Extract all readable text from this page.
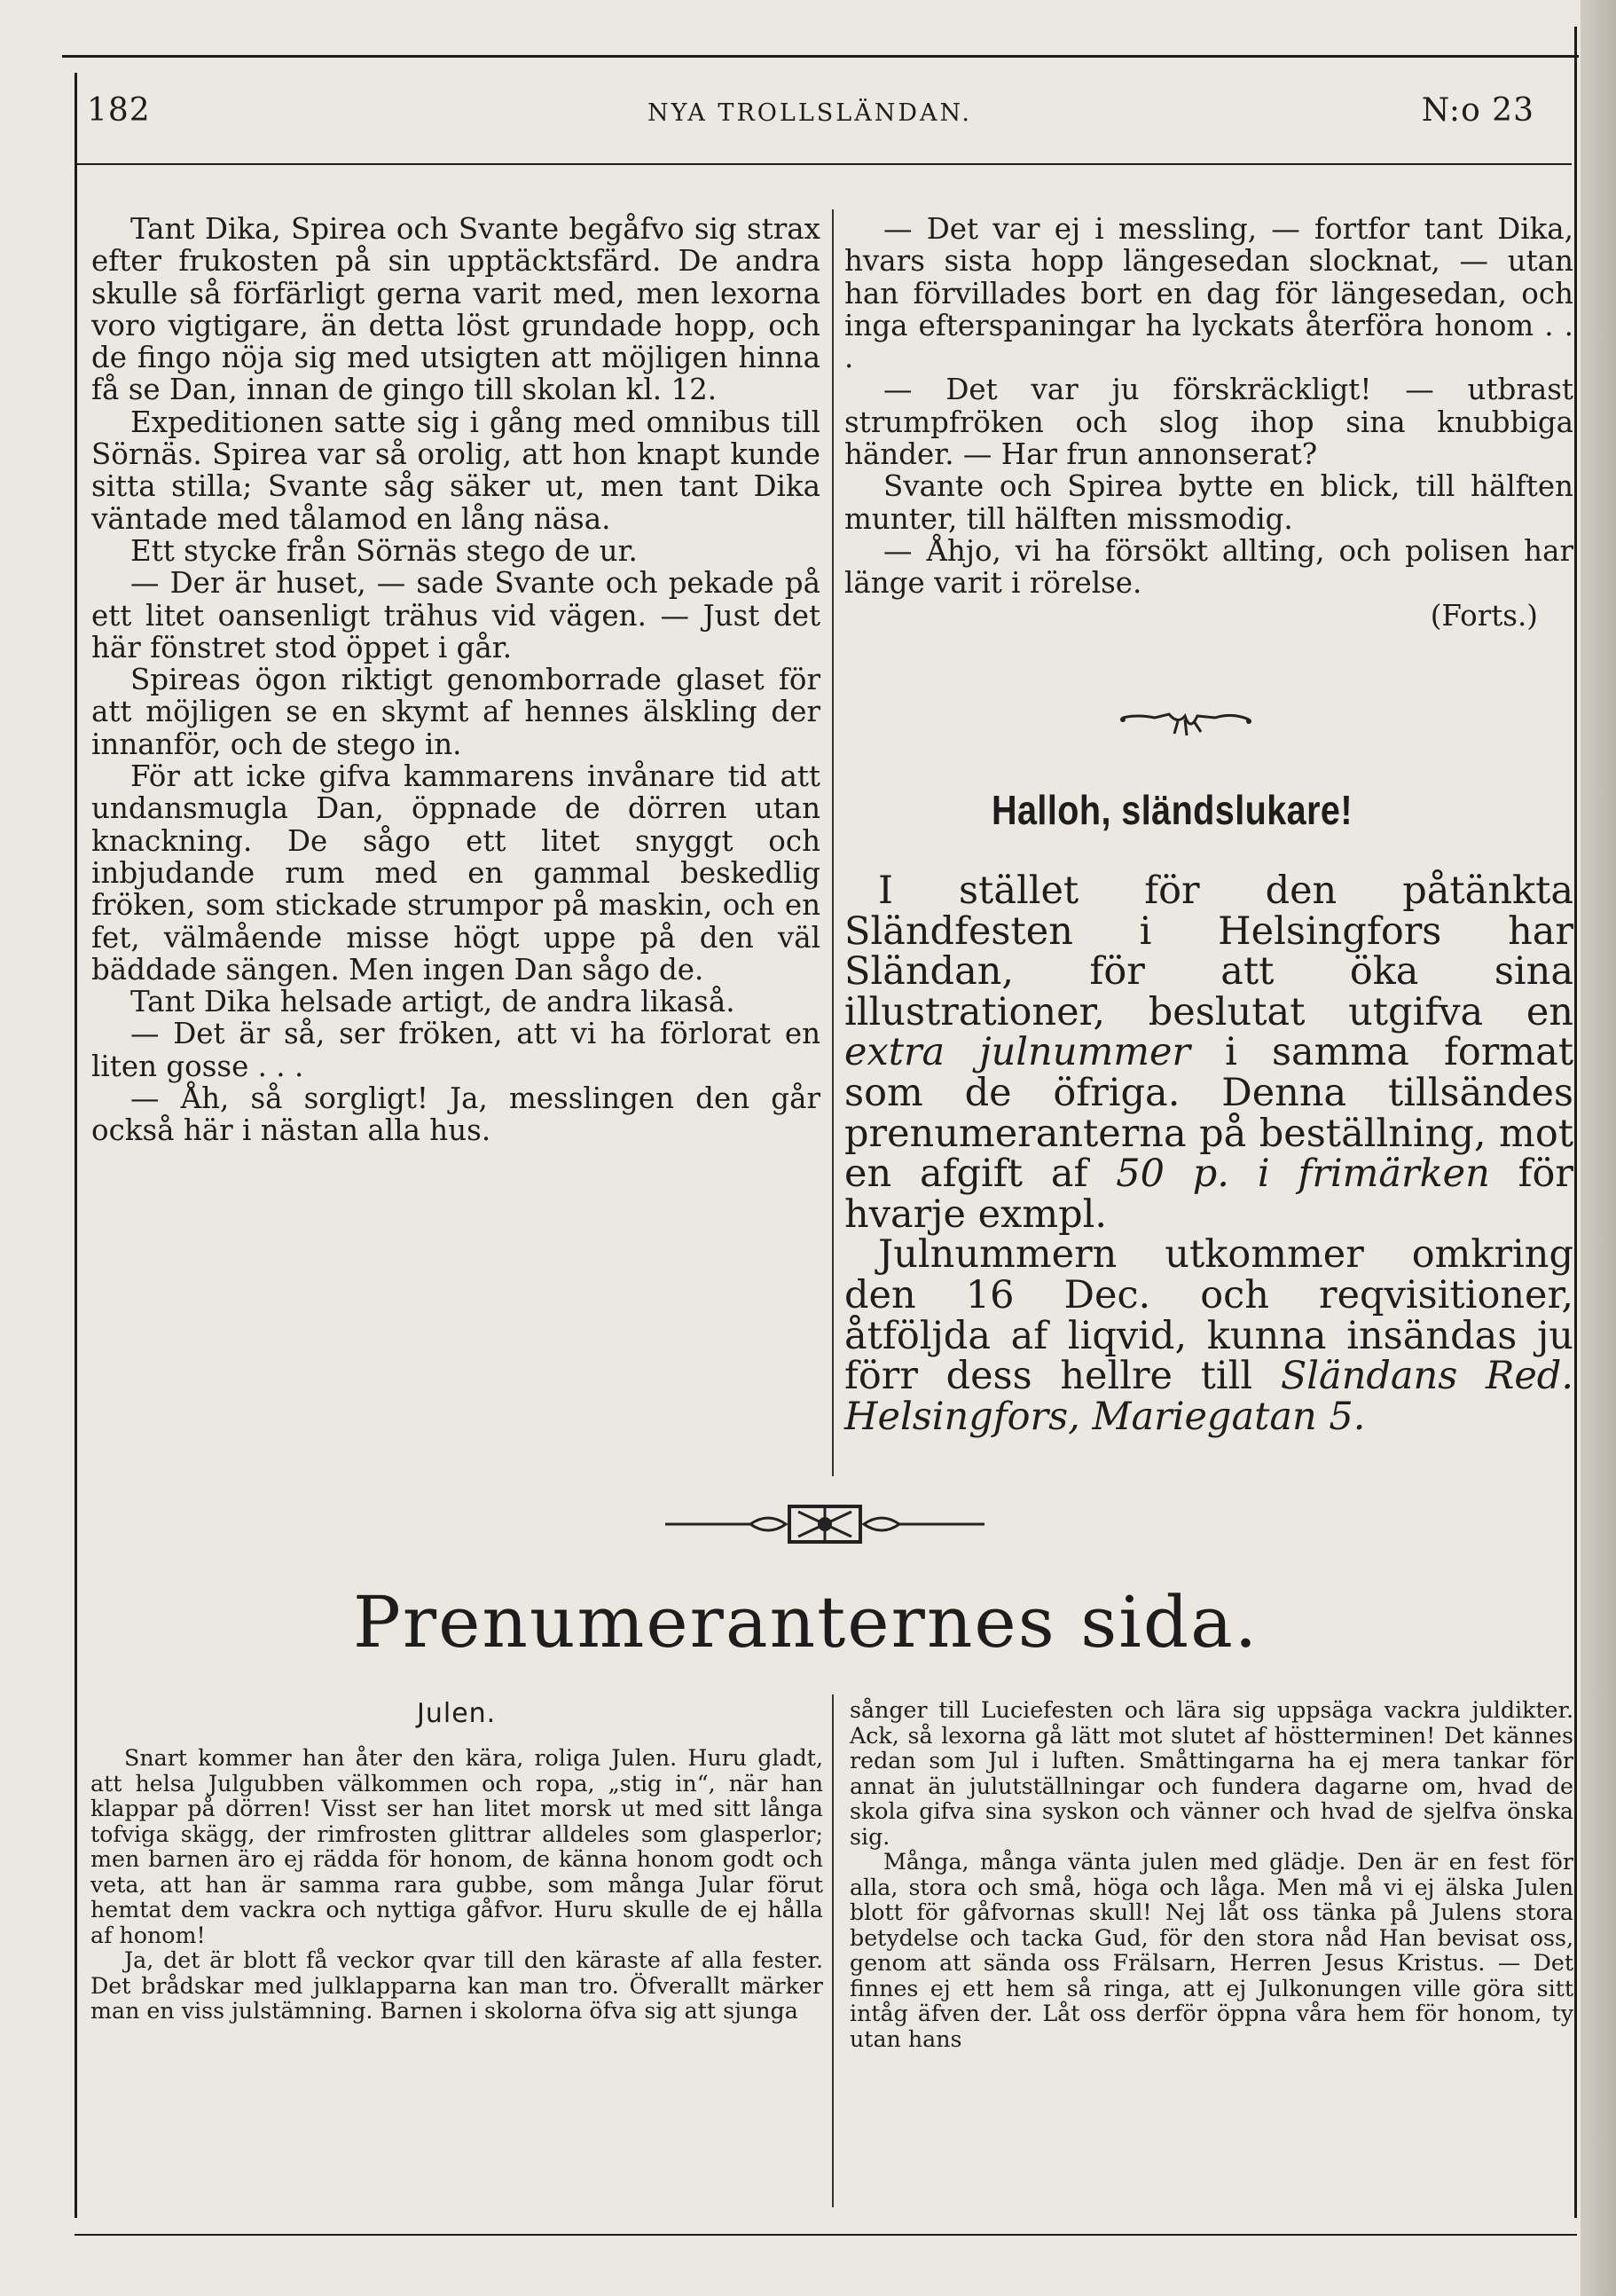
182	NYA TROLLSLÄNDAN.	N:o 23

Tant Dika, Spirea och Svante begåfvo sig strax efter frukosten på sin upptäcktsfärd. De andra skulle så förfärligt gerna varit med, men lexorna voro vigtigare, än detta löst grundade hopp, och de fingo nöja sig med utsigten att möjligen hinna få se Dan, innan de gingo till skolan kl. 12.

Expeditionen satte sig i gång med omnibus till Sörnäs. Spirea var så orolig, att hon knapt kunde sitta stilla; Svante såg säker ut, men tant Dika väntade med tålamod en lång näsa.

Ett stycke från Sörnäs stego de ur.

— Der är huset, — sade Svante och pekade på ett litet oansenligt trähus vid vägen. — Just det här fönstret stod öppet i går.

Spireas ögon riktigt genomborrade glaset för att möjligen se en skymt af hennes älskling der innanför, och de stego in.

För att icke gifva kammarens invånare tid att undansmugla Dan, öppnade de dörren utan knackning. De sågo ett litet snyggt och inbjudande rum med en gammal beskedlig fröken, som stickade strumpor på maskin, och en fet, välmående misse högt uppe på den väl bäddade sängen. Men ingen Dan sågo de.

Tant Dika helsade artigt, de andra likaså.

— Det är så, ser fröken, att vi ha förlorat en liten gosse . . .

— Åh, så sorgligt! Ja, messlingen den går också här i nästan alla hus.

— Det var ej i messling, — fortfor tant Dika, hvars sista hopp längesedan slocknat, — utan han förvillades bort en dag för längesedan, och inga efterspaningar ha lyckats återföra honom . . .

— Det var ju förskräckligt! — utbrast strumpfröken och slog ihop sina knubbiga händer. — Har frun annonserat?

Svante och Spirea bytte en blick, till hälften munter, till hälften missmodig.

— Åhjo, vi ha försökt allting, och polisen har länge varit i rörelse.

(Forts.)

Halloh, sländslukare!

I stället för den påtänkta Sländfesten i Helsingfors har Sländan, för att öka sina illustrationer, beslutat utgifva en extra julnummer i samma format som de öfriga. Denna tillsändes prenumeranterna på beställning, mot en afgift af 50 p. i frimärken för hvarje exmpl.

Julnummern utkommer omkring den 16 Dec. och reqvisitioner, åtföljda af liqvid, kunna insändas ju förr dess hellre till Sländans Red. Helsingfors, Mariegatan 5.

Prenumeranternes sida.
Julen.

Snart kommer han åter den kära, roliga Julen. Huru gladt, att helsa Julgubben välkommen och ropa, „stig in“, när han klappar på dörren! Visst ser han litet morsk ut med sitt långa tofviga skägg, der rimfrosten glittrar alldeles som glasperlor; men barnen äro ej rädda för honom, de känna honom godt och veta, att han är samma rara gubbe, som många Jular förut hemtat dem vackra och nyttiga gåfvor. Huru skulle de ej hålla af honom!

Ja, det är blott få veckor qvar till den käraste af alla fester. Det brådskar med julklapparna kan man tro. Öfverallt märker man en viss julstämning. Barnen i skolorna öfva sig att sjunga

sånger till Luciefesten och lära sig uppsäga vackra juldikter. Ack, så lexorna gå lätt mot slutet af höstterminen! Det kännes redan som Jul i luften. Småttingarna ha ej mera tankar för annat än julutställningar och fundera dagarne om, hvad de skola gifva sina syskon och vänner och hvad de sjelfva önska sig.

Många, många vänta julen med glädje. Den är en fest för alla, stora och små, höga och låga. Men må vi ej älska Julen blott för gåfvornas skull! Nej låt oss tänka på Julens stora betydelse och tacka Gud, för den stora nåd Han bevisat oss, genom att sända oss Frälsarn, Herren Jesus Kristus. — Det finnes ej ett hem så ringa, att ej Julkonungen ville göra sitt intåg äfven der. Låt oss derför öppna våra hem för honom, ty utan hans
